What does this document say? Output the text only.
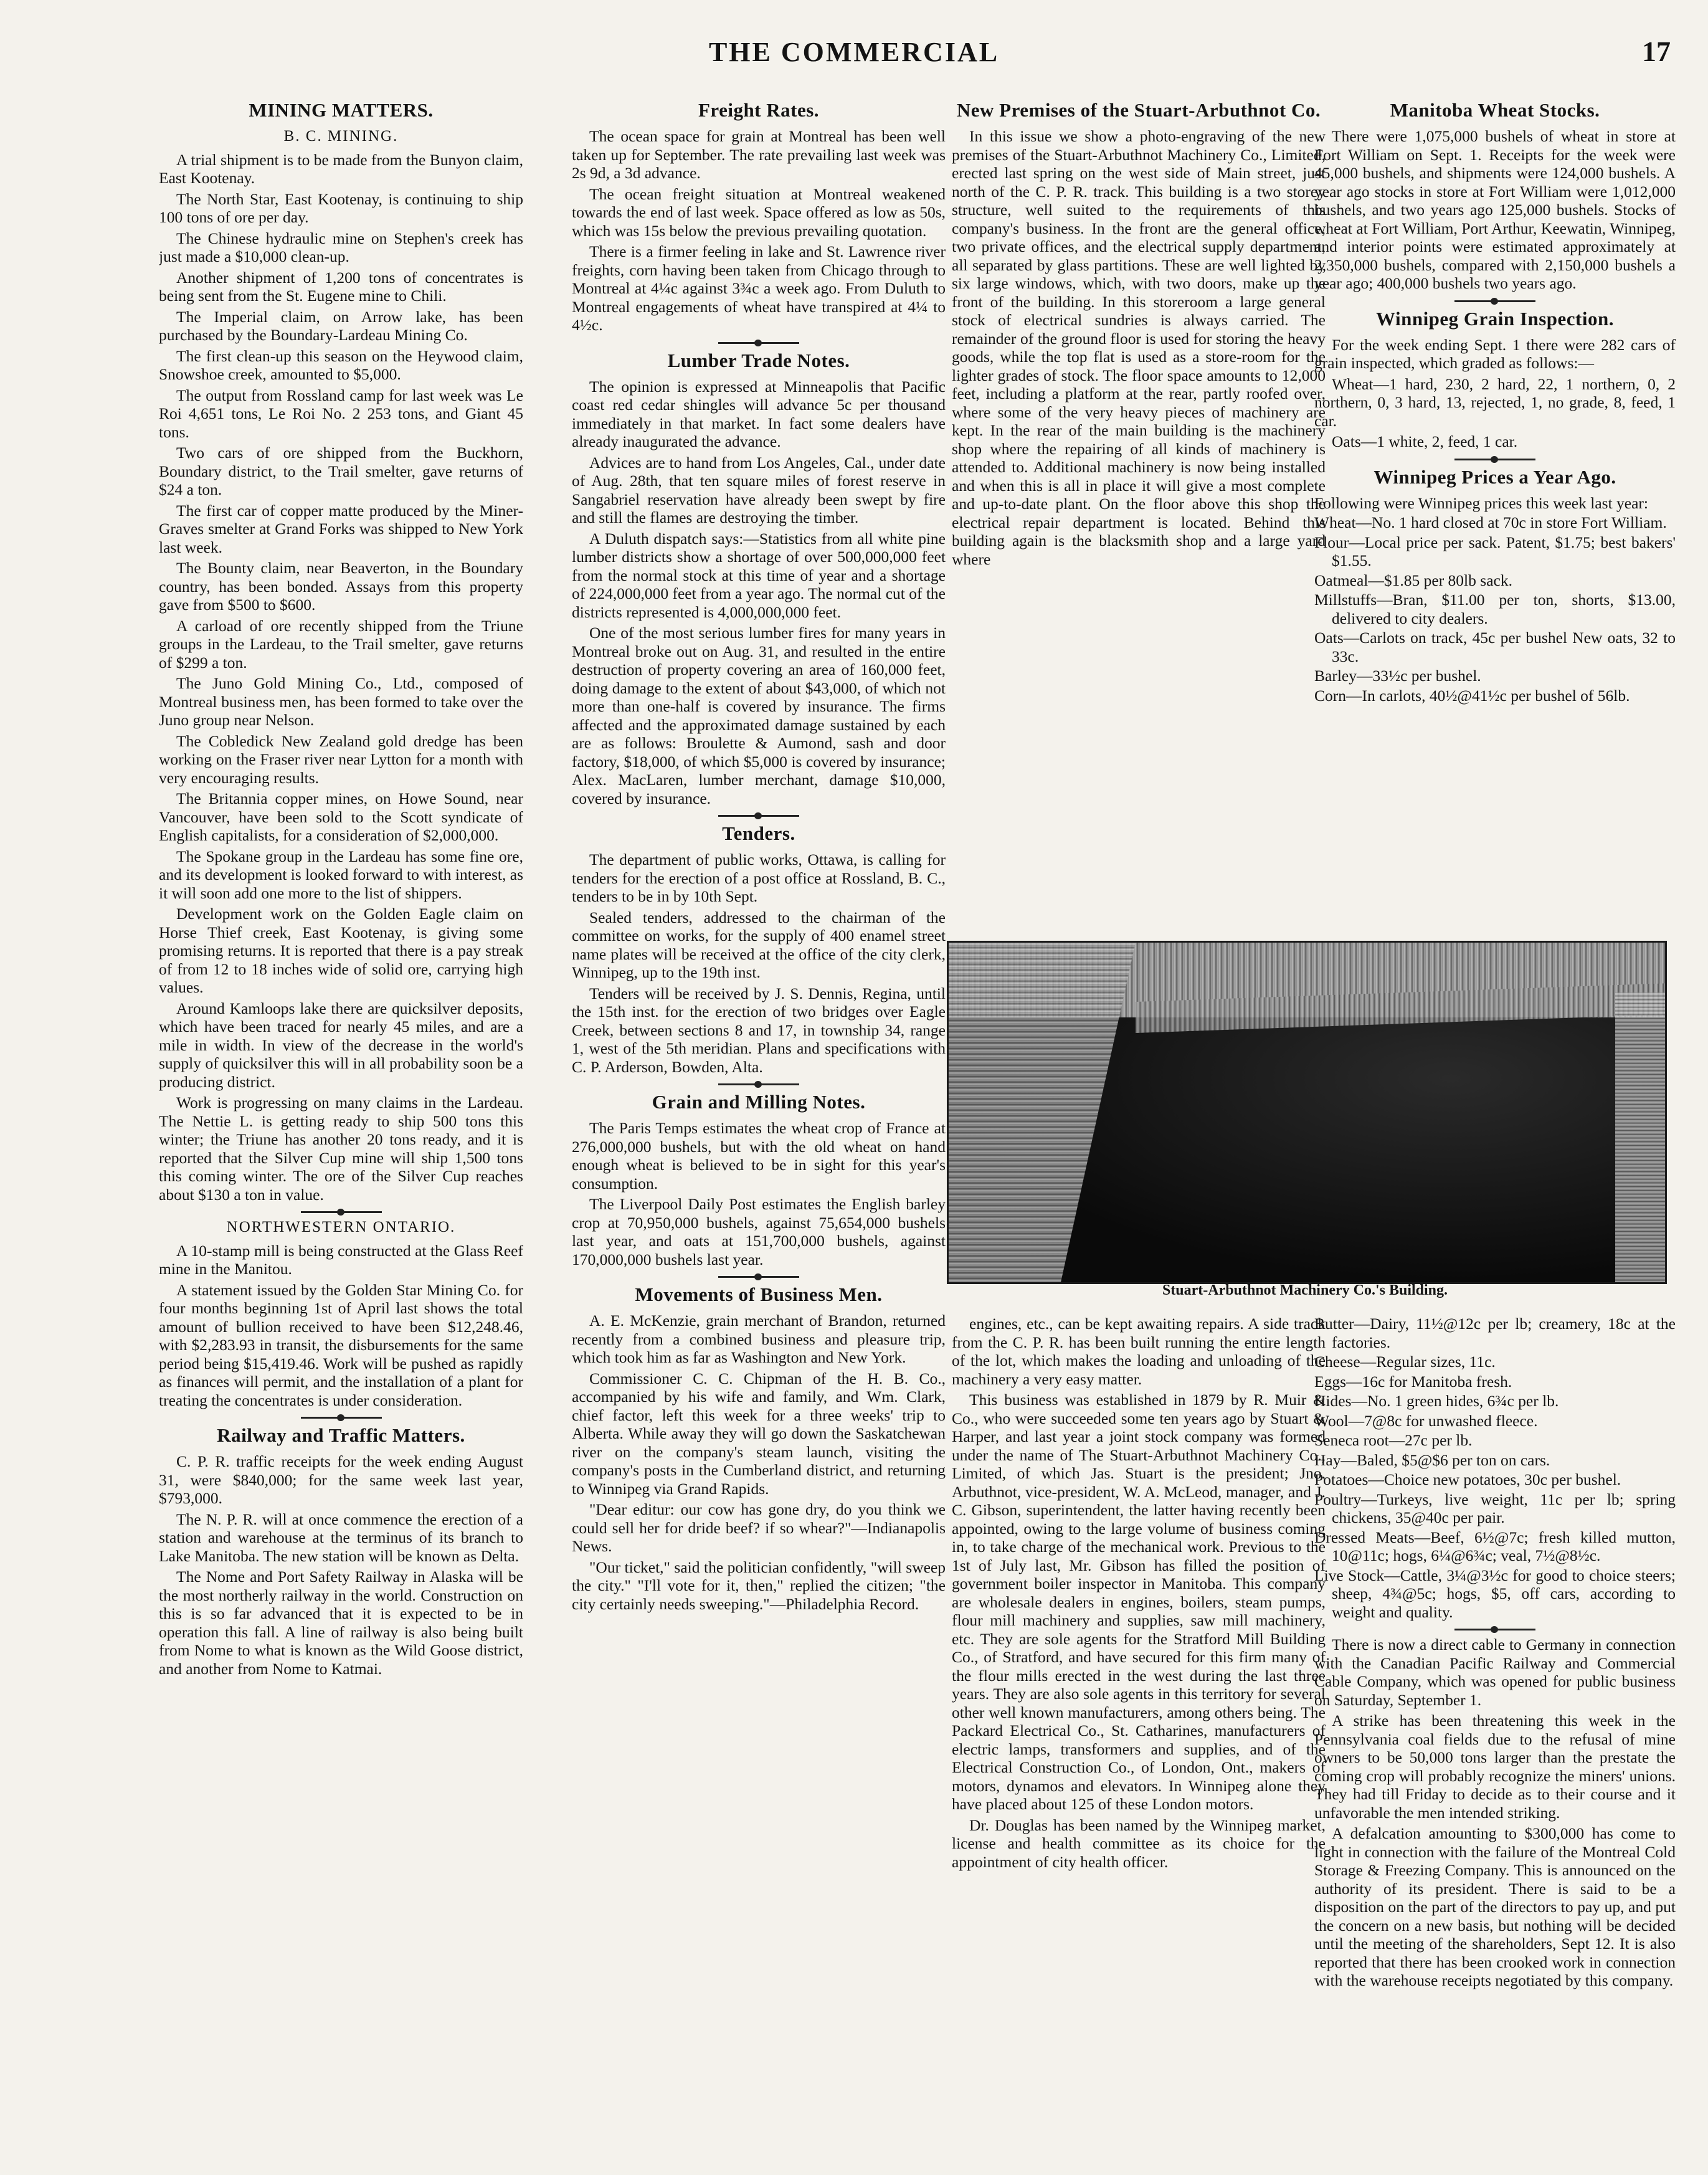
THE COMMERCIAL	17
MINING MATTERS.
B. C. MINING.

A trial shipment is to be made from the Bunyon claim, East Kootenay.

The North Star, East Kootenay, is continuing to ship 100 tons of ore per day.

The Chinese hydraulic mine on Stephen's creek has just made a $10,000 clean-up.

Another shipment of 1,200 tons of concentrates is being sent from the St. Eugene mine to Chili.

The Imperial claim, on Arrow lake, has been purchased by the Boundary-Lardeau Mining Co.

The first clean-up this season on the Heywood claim, Snowshoe creek, amounted to $5,000.

The output from Rossland camp for last week was Le Roi 4,651 tons, Le Roi No. 2 253 tons, and Giant 45 tons.

Two cars of ore shipped from the Buckhorn, Boundary district, to the Trail smelter, gave returns of $24 a ton.

The first car of copper matte produced by the Miner-Graves smelter at Grand Forks was shipped to New York last week.

The Bounty claim, near Beaverton, in the Boundary country, has been bonded. Assays from this property gave from $500 to $600.

A carload of ore recently shipped from the Triune groups in the Lardeau, to the Trail smelter, gave returns of $299 a ton.

The Juno Gold Mining Co., Ltd., composed of Montreal business men, has been formed to take over the Juno group near Nelson.

The Cobledick New Zealand gold dredge has been working on the Fraser river near Lytton for a month with very encouraging results.

The Britannia copper mines, on Howe Sound, near Vancouver, have been sold to the Scott syndicate of English capitalists, for a consideration of $2,000,000.

The Spokane group in the Lardeau has some fine ore, and its development is looked forward to with interest, as it will soon add one more to the list of shippers.

Development work on the Golden Eagle claim on Horse Thief creek, East Kootenay, is giving some promising returns. It is reported that there is a pay streak of from 12 to 18 inches wide of solid ore, carrying high values.

Around Kamloops lake there are quicksilver deposits, which have been traced for nearly 45 miles, and are a mile in width. In view of the decrease in the world's supply of quicksilver this will in all probability soon be a producing district.

Work is progressing on many claims in the Lardeau. The Nettie L. is getting ready to ship 500 tons this winter; the Triune has another 20 tons ready, and it is reported that the Silver Cup mine will ship 1,500 tons this coming winter. The ore of the Silver Cup reaches about $130 a ton in value.

NORTHWESTERN ONTARIO.

A 10-stamp mill is being constructed at the Glass Reef mine in the Manitou.

A statement issued by the Golden Star Mining Co. for four months beginning 1st of April last shows the total amount of bullion received to have been $12,248.46, with $2,283.93 in transit, the disbursements for the same period being $15,419.46. Work will be pushed as rapidly as finances will permit, and the installation of a plant for treating the concentrates is under consideration.

Railway and Traffic Matters.

C. P. R. traffic receipts for the week ending August 31, were $840,000; for the same week last year, $793,000.

The N. P. R. will at once commence the erection of a station and warehouse at the terminus of its branch to Lake Manitoba. The new station will be known as Delta.

The Nome and Port Safety Railway in Alaska will be the most northerly railway in the world. Construction on this is so far advanced that it is expected to be in operation this fall. A line of railway is also being built from Nome to what is known as the Wild Goose district, and another from Nome to Katmai.

Freight Rates.

The ocean space for grain at Montreal has been well taken up for September. The rate prevailing last week was 2s 9d, a 3d advance.

The ocean freight situation at Montreal weakened towards the end of last week. Space offered as low as 50s, which was 15s below the previous prevailing quotation.

There is a firmer feeling in lake and St. Lawrence river freights, corn having been taken from Chicago through to Montreal at 4¼c against 3¾c a week ago. From Duluth to Montreal engagements of wheat have transpired at 4¼ to 4½c.

Lumber Trade Notes.

The opinion is expressed at Minneapolis that Pacific coast red cedar shingles will advance 5c per thousand immediately in that market. In fact some dealers have already inaugurated the advance.

Advices are to hand from Los Angeles, Cal., under date of Aug. 28th, that ten square miles of forest reserve in Sangabriel reservation have already been swept by fire and still the flames are destroying the timber.

A Duluth dispatch says:—Statistics from all white pine lumber districts show a shortage of over 500,000,000 feet from the normal stock at this time of year and a shortage of 224,000,000 feet from a year ago. The normal cut of the districts represented is 4,000,000,000 feet.

One of the most serious lumber fires for many years in Montreal broke out on Aug. 31, and resulted in the entire destruction of property covering an area of 160,000 feet, doing damage to the extent of about $43,000, of which not more than one-half is covered by insurance. The firms affected and the approximated damage sustained by each are as follows: Broulette & Aumond, sash and door factory, $18,000, of which $5,000 is covered by insurance; Alex. MacLaren, lumber merchant, damage $10,000, covered by insurance.

Tenders.

The department of public works, Ottawa, is calling for tenders for the erection of a post office at Rossland, B. C., tenders to be in by 10th Sept.

Sealed tenders, addressed to the chairman of the committee on works, for the supply of 400 enamel street name plates will be received at the office of the city clerk, Winnipeg, up to the 19th inst.

Tenders will be received by J. S. Dennis, Regina, until the 15th inst. for the erection of two bridges over Eagle Creek, between sections 8 and 17, in township 34, range 1, west of the 5th meridian. Plans and specifications with C. P. Arderson, Bowden, Alta.

Grain and Milling Notes.

The Paris Temps estimates the wheat crop of France at 276,000,000 bushels, but with the old wheat on hand enough wheat is believed to be in sight for this year's consumption.

The Liverpool Daily Post estimates the English barley crop at 70,950,000 bushels, against 75,654,000 bushels last year, and oats at 151,700,000 bushels, against 170,000,000 bushels last year.

Movements of Business Men.

A. E. McKenzie, grain merchant of Brandon, returned recently from a combined business and pleasure trip, which took him as far as Washington and New York.

Commissioner C. C. Chipman of the H. B. Co., accompanied by his wife and family, and Wm. Clark, chief factor, left this week for a three weeks' trip to Alberta. While away they will go down the Saskatchewan river on the company's steam launch, visiting the company's posts in the Cumberland district, and returning to Winnipeg via Grand Rapids.

"Dear editur: our cow has gone dry, do you think we could sell her for dride beef? if so whear?"—Indianapolis News.

"Our ticket," said the politician confidently, "will sweep the city." "I'll vote for it, then," replied the citizen; "the city certainly needs sweeping."—Philadelphia Record.

New Premises of the Stuart-Arbuthnot Co.

In this issue we show a photo-engraving of the new premises of the Stuart-Arbuthnot Machinery Co., Limited, erected last spring on the west side of Main street, just north of the C. P. R. track. This building is a two storey structure, well suited to the requirements of this company's business. In the front are the general office, two private offices, and the electrical supply department, all separated by glass partitions. These are well lighted by six large windows, which, with two doors, make up the front of the building. In this storeroom a large general stock of electrical sundries is always carried. The remainder of the ground floor is used for storing the heavy goods, while the top flat is used as a store-room for the lighter grades of stock. The floor space amounts to 12,000 feet, including a platform at the rear, partly roofed over, where some of the very heavy pieces of machinery are kept. In the rear of the main building is the machinery shop where the repairing of all kinds of machinery is attended to. Additional machinery is now being installed and when this is all in place it will give a most complete and up-to-date plant. On the floor above this shop the electrical repair department is located. Behind this building again is the blacksmith shop and a large yard where

Manitoba Wheat Stocks.

There were 1,075,000 bushels of wheat in store at Fort William on Sept. 1. Receipts for the week were 45,000 bushels, and shipments were 124,000 bushels. A year ago stocks in store at Fort William were 1,012,000 bushels, and two years ago 125,000 bushels. Stocks of wheat at Fort William, Port Arthur, Keewatin, Winnipeg, and interior points were estimated approximately at 2,350,000 bushels, compared with 2,150,000 bushels a year ago; 400,000 bushels two years ago.

Winnipeg Grain Inspection.

For the week ending Sept. 1 there were 282 cars of grain inspected, which graded as follows:—

Wheat—1 hard, 230, 2 hard, 22, 1 northern, 0, 2 northern, 0, 3 hard, 13, rejected, 1, no grade, 8, feed, 1 car.

Oats—1 white, 2, feed, 1 car.

Winnipeg Prices a Year Ago.

Following were Winnipeg prices this week last year:

Wheat—No. 1 hard closed at 70c in store Fort William.

Flour—Local price per sack. Patent, $1.75; best bakers' $1.55.

Oatmeal—$1.85 per 80lb sack.

Millstuffs—Bran, $11.00 per ton, shorts, $13.00, delivered to city dealers.

Oats—Carlots on track, 45c per bushel New oats, 32 to 33c.

Barley—33½c per bushel.

Corn—In carlots, 40½@41½c per bushel of 56lb.

Stuart-Arbuthnot Machinery Co.'s Building.

engines, etc., can be kept awaiting repairs. A side track from the C. P. R. has been built running the entire length of the lot, which makes the loading and unloading of the machinery a very easy matter.

This business was established in 1879 by R. Muir & Co., who were succeeded some ten years ago by Stuart & Harper, and last year a joint stock company was formed under the name of The Stuart-Arbuthnot Machinery Co., Limited, of which Jas. Stuart is the president; Jno. Arbuthnot, vice-president, W. A. McLeod, manager, and J. C. Gibson, superintendent, the latter having recently been appointed, owing to the large volume of business coming in, to take charge of the mechanical work. Previous to the 1st of July last, Mr. Gibson has filled the position of government boiler inspector in Manitoba. This company are wholesale dealers in engines, boilers, steam pumps, flour mill machinery and supplies, saw mill machinery, etc. They are sole agents for the Stratford Mill Building Co., of Stratford, and have secured for this firm many of the flour mills erected in the west during the last three years. They are also sole agents in this territory for several other well known manufacturers, among others being. The Packard Electrical Co., St. Catharines, manufacturers of electric lamps, transformers and supplies, and of the Electrical Construction Co., of London, Ont., makers of motors, dynamos and elevators. In Winnipeg alone they have placed about 125 of these London motors.

Dr. Douglas has been named by the Winnipeg market, license and health committee as its choice for the appointment of city health officer.

Butter—Dairy, 11½@12c per lb; creamery, 18c at the factories.

Cheese—Regular sizes, 11c.

Eggs—16c for Manitoba fresh.

Hides—No. 1 green hides, 6¾c per lb.

Wool—7@8c for unwashed fleece.

Seneca root—27c per lb.

Hay—Baled, $5@$6 per ton on cars.

Potatoes—Choice new potatoes, 30c per bushel.

Poultry—Turkeys, live weight, 11c per lb; spring chickens, 35@40c per pair.

Dressed Meats—Beef, 6½@7c; fresh killed mutton, 10@11c; hogs, 6¼@6¾c; veal, 7½@8½c.

Live Stock—Cattle, 3¼@3½c for good to choice steers; sheep, 4¾@5c; hogs, $5, off cars, according to weight and quality.

There is now a direct cable to Germany in connection with the Canadian Pacific Railway and Commercial Cable Company, which was opened for public business on Saturday, September 1.

A strike has been threatening this week in the Pennsylvania coal fields due to the refusal of mine owners to be 50,000 tons larger than the prestate the coming crop will probably recognize the miners' unions. They had till Friday to decide as to their course and it unfavorable the men intended striking.

A defalcation amounting to $300,000 has come to light in connection with the failure of the Montreal Cold Storage & Freezing Company. This is announced on the authority of its president. There is said to be a disposition on the part of the directors to pay up, and put the concern on a new basis, but nothing will be decided until the meeting of the shareholders, Sept 12. It is also reported that there has been crooked work in connection with the warehouse receipts negotiated by this company.
